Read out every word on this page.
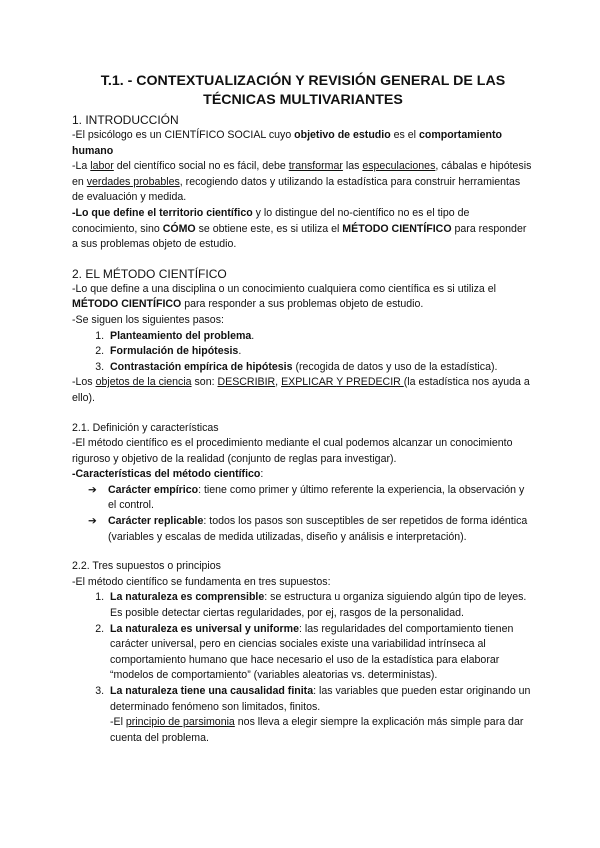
T.1. - CONTEXTUALIZACIÓN Y REVISIÓN GENERAL DE LAS TÉCNICAS MULTIVARIANTES
1. INTRODUCCIÓN

-El psicólogo es un CIENTÍFICO SOCIAL cuyo objetivo de estudio es el comportamiento humano

-La labor del científico social no es fácil, debe transformar las especulaciones, cábalas e hipótesis en verdades probables, recogiendo datos y utilizando la estadística para construir herramientas de evaluación y medida.

-Lo que define el territorio científico y lo distingue del no-científico no es el tipo de conocimiento, sino CÓMO se obtiene este, es si utiliza el MÉTODO CIENTÍFICO para responder a sus problemas objeto de estudio.

2. EL MÉTODO CIENTÍFICO

-Lo que define a una disciplina o un conocimiento cualquiera como científica es si utiliza el MÉTODO CIENTÍFICO para responder a sus problemas objeto de estudio.

-Se siguen los siguientes pasos:

1. Planteamiento del problema.
2. Formulación de hipótesis.
3. Contrastación empírica de hipótesis (recogida de datos y uso de la estadística).

-Los objetos de la ciencia son: DESCRIBIR, EXPLICAR Y PREDECIR (la estadística nos ayuda a ello).

2.1. Definición y características

-El método científico es el procedimiento mediante el cual podemos alcanzar un conocimiento riguroso y objetivo de la realidad (conjunto de reglas para investigar).

-Características del método científico:

➔ Carácter empírico: tiene como primer y último referente la experiencia, la observación y el control.
➔ Carácter replicable: todos los pasos son susceptibles de ser repetidos de forma idéntica (variables y escalas de medida utilizadas, diseño y análisis e interpretación).
2.2. Tres supuestos o principios

-El método científico se fundamenta en tres supuestos:

1. La naturaleza es comprensible: se estructura u organiza siguiendo algún tipo de leyes. Es posible detectar ciertas regularidades, por ej, rasgos de la personalidad.
2. La naturaleza es universal y uniforme: las regularidades del comportamiento tienen carácter universal, pero en ciencias sociales existe una variabilidad intrínseca al comportamiento humano que hace necesario el uso de la estadística para elaborar “modelos de comportamiento” (variables aleatorias vs. deterministas).
3. La naturaleza tiene una causalidad finita: las variables que pueden estar originando un determinado fenómeno son limitados, finitos.
-El principio de parsimonia nos lleva a elegir siempre la explicación más simple para dar cuenta del problema.
